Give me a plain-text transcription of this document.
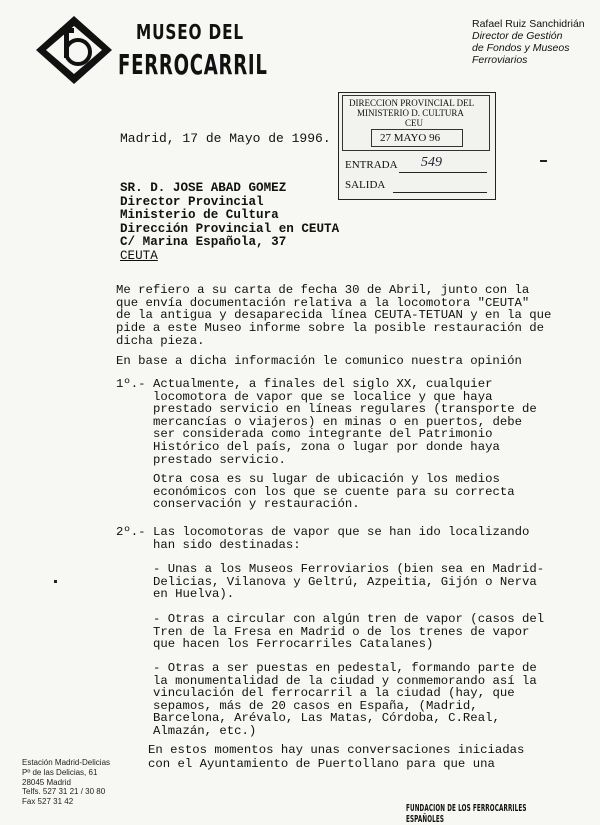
MUSEO DEL
FERROCARRIL
Rafael Ruiz Sanchidrián
Director de Gestión
de Fondos y Museos
Ferroviarios
DIRECCION PROVINCIAL DEL
MINISTERIO D. CULTURA
CEU
27 MAYO 96
ENTRADA 549
SALIDA
Madrid, 17 de Mayo de 1996.
SR. D. JOSE ABAD GOMEZ
Director Provincial
Ministerio de Cultura
Dirección Provincial en CEUTA
C/ Marina Española, 37
CEUTA
Me refiero a su carta de fecha 30 de Abril, junto con la
que envía documentación relativa a la locomotora "CEUTA"
de la antigua y desaparecida línea CEUTA-TETUAN y en la que
pide a este Museo informe sobre la posible restauración de
dicha pieza.
En base a dicha información le comunico nuestra opinión
1º.- Actualmente, a finales del siglo XX, cualquier
locomotora de vapor que se localice y que haya
prestado servicio en líneas regulares (transporte de
mercancías o viajeros) en minas o en puertos, debe
ser considerada como integrante del Patrimonio
Histórico del país, zona o lugar por donde haya
prestado servicio.
Otra cosa es su lugar de ubicación y los medios
económicos con los que se cuente para su correcta
conservación y restauración.
2º.- Las locomotoras de vapor que se han ido localizando
han sido destinadas:
- Unas a los Museos Ferroviarios (bien sea en Madrid-
Delicias, Vilanova y Geltrú, Azpeitia, Gijón o Nerva
en Huelva).
- Otras a circular con algún tren de vapor (casos del
Tren de la Fresa en Madrid o de los trenes de vapor
que hacen los Ferrocarriles Catalanes)
- Otras a ser puestas en pedestal, formando parte de
la monumentalidad de la ciudad y conmemorando así la
vinculación del ferrocarril a la ciudad (hay, que
sepamos, más de 20 casos en España, (Madrid,
Barcelona, Arévalo, Las Matas, Córdoba, C.Real,
Almazán, etc.)
En estos momentos hay unas conversaciones iniciadas
con el Ayuntamiento de Puertollano para que una
Estación Madrid-Delicias
Pº de las Delicias, 61
28045 Madrid
Telfs. 527 31 21 / 30 80
Fax 527 31 42
FUNDACION DE LOS FERROCARRILES ESPAÑOLES
